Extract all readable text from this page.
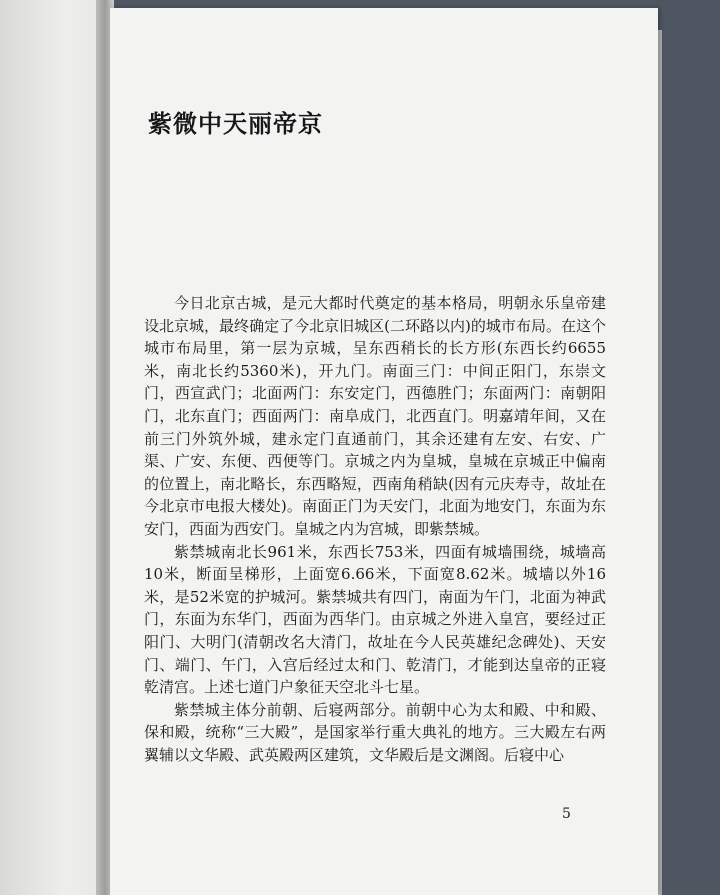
紫微中天丽帝京

今日北京古城，是元大都时代奠定的基本格局，明朝永乐皇帝建设北京城，最终确定了今北京旧城区(二环路以内)的城市布局。在这个城市布局里，第一层为京城，呈东西稍长的长方形(东西长约6655米，南北长约5360米)，开九门。南面三门：中间正阳门，东崇文门，西宣武门；北面两门：东安定门，西德胜门；东面两门：南朝阳门，北东直门；西面两门：南阜成门，北西直门。明嘉靖年间，又在前三门外筑外城，建永定门直通前门，其余还建有左安、右安、广渠、广安、东便、西便等门。京城之内为皇城，皇城在京城正中偏南的位置上，南北略长，东西略短，西南角稍缺(因有元庆寿寺，故址在今北京市电报大楼处)。南面正门为天安门，北面为地安门，东面为东安门，西面为西安门。皇城之内为宫城，即紫禁城。

紫禁城南北长961米，东西长753米，四面有城墙围绕，城墙高10米，断面呈梯形，上面宽6.66米，下面宽8.62米。城墙以外16米，是52米宽的护城河。紫禁城共有四门，南面为午门，北面为神武门，东面为东华门，西面为西华门。由京城之外进入皇宫，要经过正阳门、大明门(清朝改名大清门，故址在今人民英雄纪念碑处)、天安门、端门、午门，入宫后经过太和门、乾清门，才能到达皇帝的正寝乾清宫。上述七道门户象征天空北斗七星。

紫禁城主体分前朝、后寝两部分。前朝中心为太和殿、中和殿、保和殿，统称“三大殿”，是国家举行重大典礼的地方。三大殿左右两翼辅以文华殿、武英殿两区建筑，文华殿后是文渊阁。后寝中心

5
